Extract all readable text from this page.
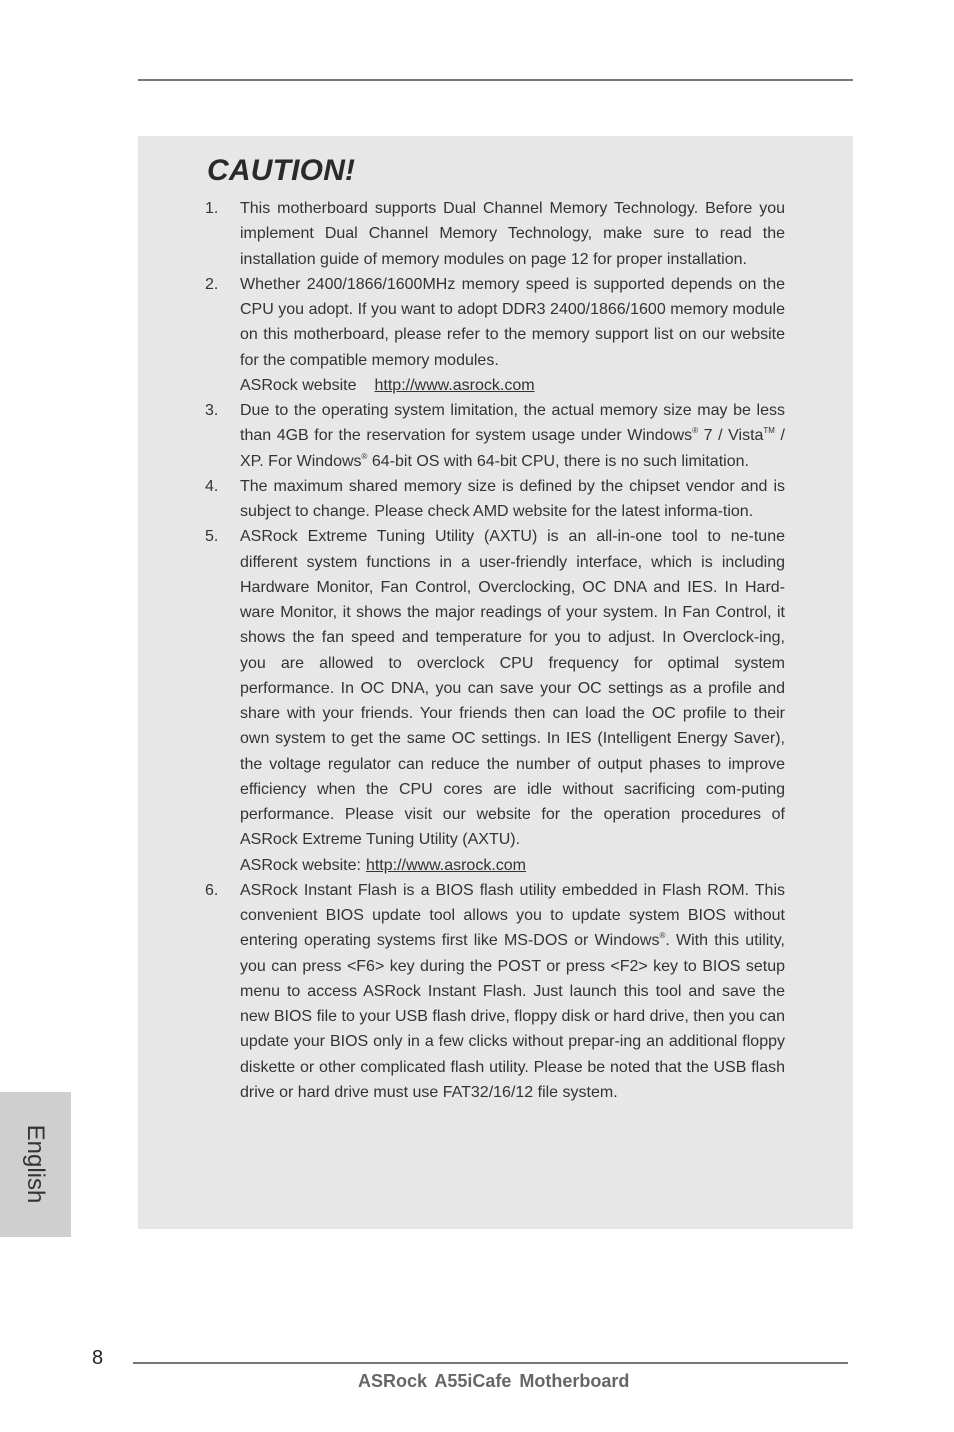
CAUTION!
1. This motherboard supports Dual Channel Memory Technology. Before you implement Dual Channel Memory Technology, make sure to read the installation guide of memory modules on page 12 for proper installation.

2. Whether 2400/1866/1600MHz memory speed is supported depends on the CPU you adopt. If you want to adopt DDR3 2400/1866/1600 memory module on this motherboard, please refer to the memory support list on our website for the compatible memory modules.

ASRock website http://www.asrock.com

3. Due to the operating system limitation, the actual memory size may be less than 4GB for the reservation for system usage under Windows® 7 / Vista™ / XP. For Windows® 64-bit OS with 64-bit CPU, there is no such limitation.

4. The maximum shared memory size is defined by the chipset vendor and is subject to change. Please check AMD website for the latest informa-tion.

5. ASRock Extreme Tuning Utility (AXTU) is an all-in-one tool to ne-tune different system functions in a user-friendly interface, which is including Hardware Monitor, Fan Control, Overclocking, OC DNA and IES. In Hard-ware Monitor, it shows the major readings of your system. In Fan Control, it shows the fan speed and temperature for you to adjust. In Overclock-ing, you are allowed to overclock CPU frequency for optimal system performance. In OC DNA, you can save your OC settings as a profile and share with your friends. Your friends then can load the OC profile to their own system to get the same OC settings. In IES (Intelligent Energy Saver), the voltage regulator can reduce the number of output phases to improve efficiency when the CPU cores are idle without sacrificing com-puting performance. Please visit our website for the operation procedures of ASRock Extreme Tuning Utility (AXTU).

ASRock website: http://www.asrock.com

6. ASRock Instant Flash is a BIOS flash utility embedded in Flash ROM. This convenient BIOS update tool allows you to update system BIOS without entering operating systems first like MS-DOS or Windows®. With this utility, you can press <F6> key during the POST or press <F2> key to BIOS setup menu to access ASRock Instant Flash. Just launch this tool and save the new BIOS file to your USB flash drive, floppy disk or hard drive, then you can update your BIOS only in a few clicks without prepar-ing an additional floppy diskette or other complicated flash utility. Please be noted that the USB flash drive or hard drive must use FAT32/16/12 file system.

English
8
ASRock A55iCafe Motherboard
